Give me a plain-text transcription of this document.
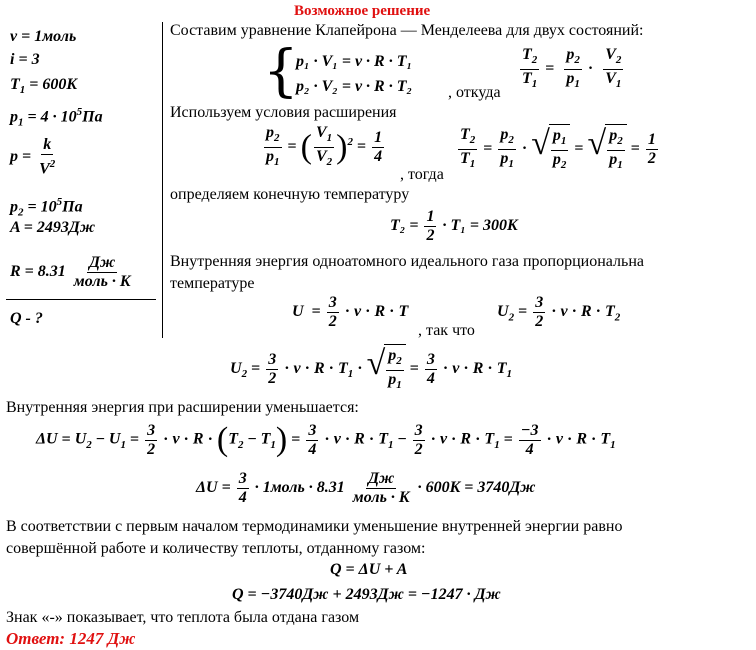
Возможное решение
ν = 1моль
i = 3
$T_1 = 600K$
$p_1 = 4 \cdot 10^5Па$
$p = \frac{k}{V^2}$
$p_2 = 10^5Па$
A = 2493Дж
$R = 8.31 \frac{Дж}{\text{моль · K}}$
Q - ?
Составим уравнение Клапейрона — Менделеева для двух состояний:
{
p₁ · V₁ = ν · R · T₁
p₂ · V₂ = ν · R · T₂ , откуда $\frac{T_2}{T_1} = \frac{p_2}{p_1} \cdot \frac{V_2}{V_1}$
Используем условия расширения
$\frac{p_2}{p_1}$ = ( $\frac{V_1}{V_2} )^2 = \frac{1}{4}$
, тогда
$\frac{T_2}{T_1} = \frac{p_2}{p_1}$ · √ $\frac{p_1}{p_2}$ = √ $\frac{p_2}{p_1} = \frac{1}{2}$
определяем конечную температуру
$T_2 = \frac{1}{2} \cdot T_1 = 300K$
Внутренняя энергия одноатомного идеального газа пропорциональна
температуре
$U = \frac{3}{2} \cdot \nu \cdot R \cdot T$
, так что
$U_2 = \frac{3}{2} \cdot \nu \cdot R \cdot T_2$
$U_2 = \frac{3}{2} \cdot \nu \cdot R \cdot T_1$ · √ $\frac{p_2}{p_1} = \frac{3}{4} \cdot \nu \cdot R \cdot T_1$
Внутренняя энергия при расширении уменьшается:
$\Delta U = U_2 - U_1 = \frac{3}{2} \cdot \nu \cdot R \cdot (T_2 - T_1) = \frac{3}{4} \cdot \nu \cdot R \cdot T_1 - \frac{3}{2} \cdot \nu \cdot R \cdot T_1 = \frac{-3}{4} \cdot \nu \cdot R \cdot T_1$
$\Delta U = \frac{3}{4}$ · 1моль · $8.31 \frac{Дж}{\text{моль · K}} \cdot 600K = 3740Дж$
В соответствии с первым началом термодинамики уменьшение внутренней энергии равно
совершённой работе и количеству теплоты, отданному газом:
Q = ΔU + A
Q = −3740Дж + 2493Дж = −1247 · Дж
Знак «-» показывает, что теплота была отдана газом
Ответ: 1247 Дж
